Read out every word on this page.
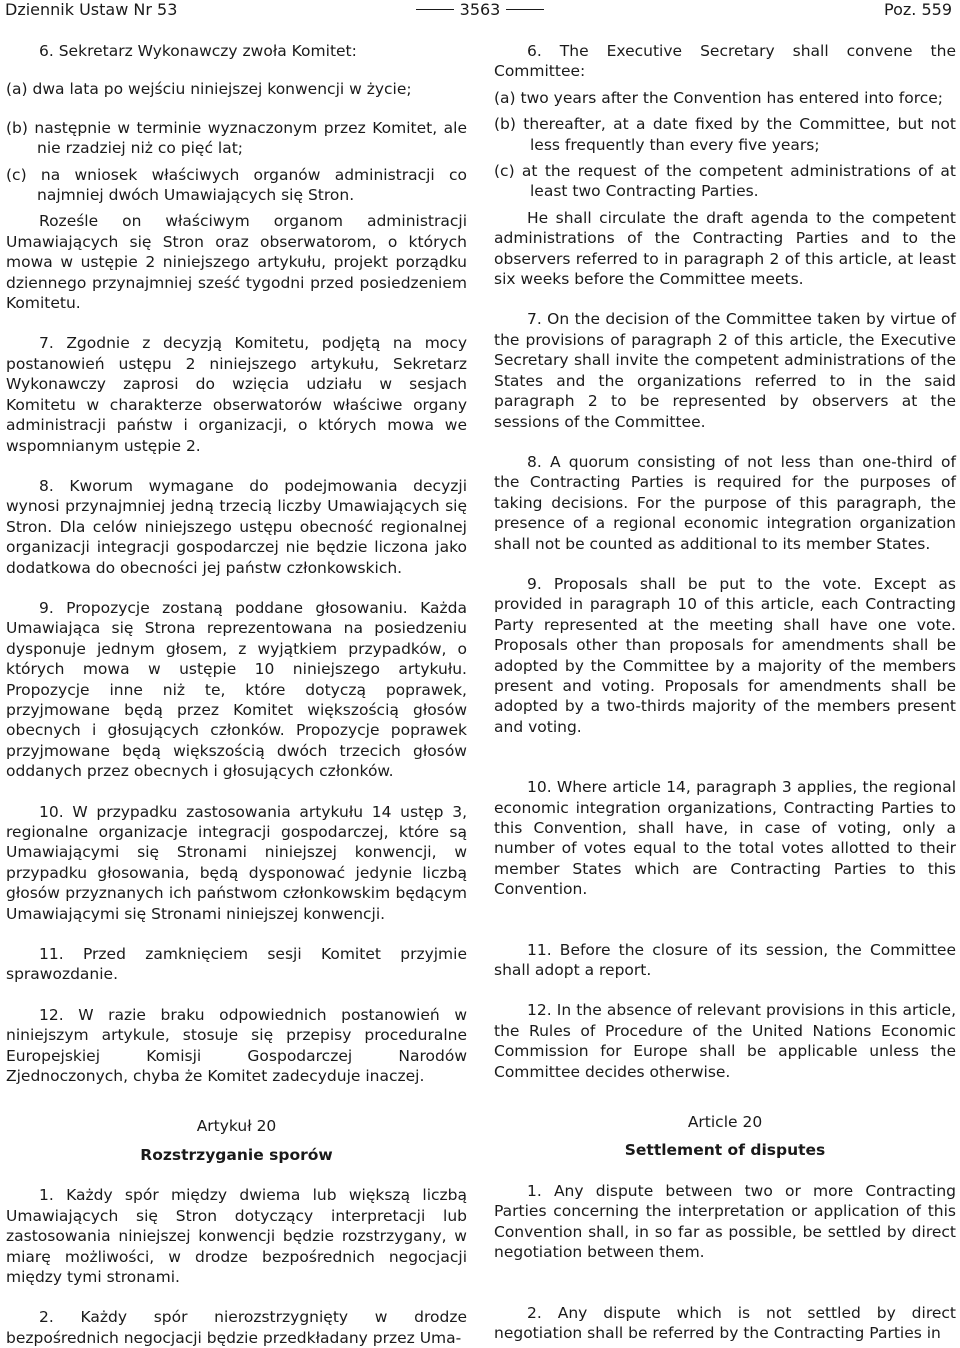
Dziennik Ustaw Nr 53	3563	Poz. 559

6. Sekretarz Wykonawczy zwołа Komitet:

(a) dwa lata po wejściu niniejszej konwencji w życie;

(b) następnie w terminie wyznaczonym przez Komitet, ale nie rzadziej niż co pięć lat;

(c) na wniosek właściwych organów administracji co najmniej dwóch Umawiających się Stron.

Roześle on właściwym organom administracji Umawiających się Stron oraz obserwatorom, o których mowa w ustępie 2 niniejszego artykułu, projekt porządku dziennego przynajmniej sześć tygodni przed posiedzeniem Komitetu.

7. Zgodnie z decyzją Komitetu, podjętą na mocy postanowień ustępu 2 niniejszego artykułu, Sekretarz Wykonawczy zaprosi do wzięcia udziału w sesjach Komitetu w charakterze obserwatorów właściwe organy administracji państw i organizacji, o których mowa we wspomnianym ustępie 2.

8. Kworum wymagane do podejmowania decyzji wynosi przynajmniej jedną trzecią liczby Umawiających się Stron. Dla celów niniejszego ustępu obecność regionalnej organizacji integracji gospodarczej nie będzie liczona jako dodatkowa do obecności jej państw członkowskich.

9. Propozycje zostaną poddane głosowaniu. Każda Umawiająca się Strona reprezentowana na posiedzeniu dysponuje jednym głosem, z wyjątkiem przypadków, o których mowa w ustępie 10 niniejszego artykułu. Propozycje inne niż te, które dotyczą poprawek, przyjmowane będą przez Komitet większością głosów obecnych i głosujących członków. Propozycje poprawek przyjmowane będą większością dwóch trzecich głosów oddanych przez obecnych i głosujących członków.

10. W przypadku zastosowania artykułu 14 ustęp 3, regionalne organizacje integracji gospodarczej, które są Umawiającymi się Stronami niniejszej konwencji, w przypadku głosowania, będą dysponować jedynie liczbą głosów przyznanych ich państwom członkowskim będącym Umawiającymi się Stronami niniejszej konwencji.

11. Przed zamknięciem sesji Komitet przyjmie sprawozdanie.

12. W razie braku odpowiednich postanowień w niniejszym artykule, stosuje się przepisy proceduralne Europejskiej Komisji Gospodarczej Narodów Zjednoczonych, chyba że Komitet zadecyduje inaczej.

Artykuł 20

Rozstrzyganie sporów

1. Każdy spór między dwiema lub większą liczbą Umawiających się Stron dotyczący interpretacji lub zastosowania niniejszej konwencji będzie rozstrzygany, w miarę możliwości, w drodze bezpośrednich negocjacji między tymi stronami.

2. Każdy spór nierozstrzygnięty w drodze bezpośrednich negocjacji będzie przedkładany przez Uma-

6. The Executive Secretary shall convene the Committee:

(a) two years after the Convention has entered into force;

(b) thereafter, at a date fixed by the Committee, but not less frequently than every five years;

(c) at the request of the competent administrations of at least two Contracting Parties.

He shall circulate the draft agenda to the competent administrations of the Contracting Parties and to the observers referred to in paragraph 2 of this article, at least six weeks before the Committee meets.

7. On the decision of the Committee taken by virtue of the provisions of paragraph 2 of this article, the Executive Secretary shall invite the competent administrations of the States and the organizations referred to in the said paragraph 2 to be represented by observers at the sessions of the Committee.

8. A quorum consisting of not less than one-third of the Contracting Parties is required for the purposes of taking decisions. For the purpose of this paragraph, the presence of a regional economic integration organization shall not be counted as additional to its member States.

9. Proposals shall be put to the vote. Except as provided in paragraph 10 of this article, each Contracting Party represented at the meeting shall have one vote. Proposals other than proposals for amendments shall be adopted by the Committee by a majority of the members present and voting. Proposals for amendments shall be adopted by a two-thirds majority of the members present and voting.

10. Where article 14, paragraph 3 applies, the regional economic integration organizations, Contracting Parties to this Convention, shall have, in case of voting, only a number of votes equal to the total votes allotted to their member States which are Contracting Parties to this Convention.

11. Before the closure of its session, the Committee shall adopt a report.

12. In the absence of relevant provisions in this article, the Rules of Procedure of the United Nations Economic Commission for Europe shall be applicable unless the Committee decides otherwise.

Article 20

Settlement of disputes

1. Any dispute between two or more Contracting Parties concerning the interpretation or application of this Convention shall, in so far as possible, be settled by direct negotiation between them.

2. Any dispute which is not settled by direct negotiation shall be referred by the Contracting Parties in
